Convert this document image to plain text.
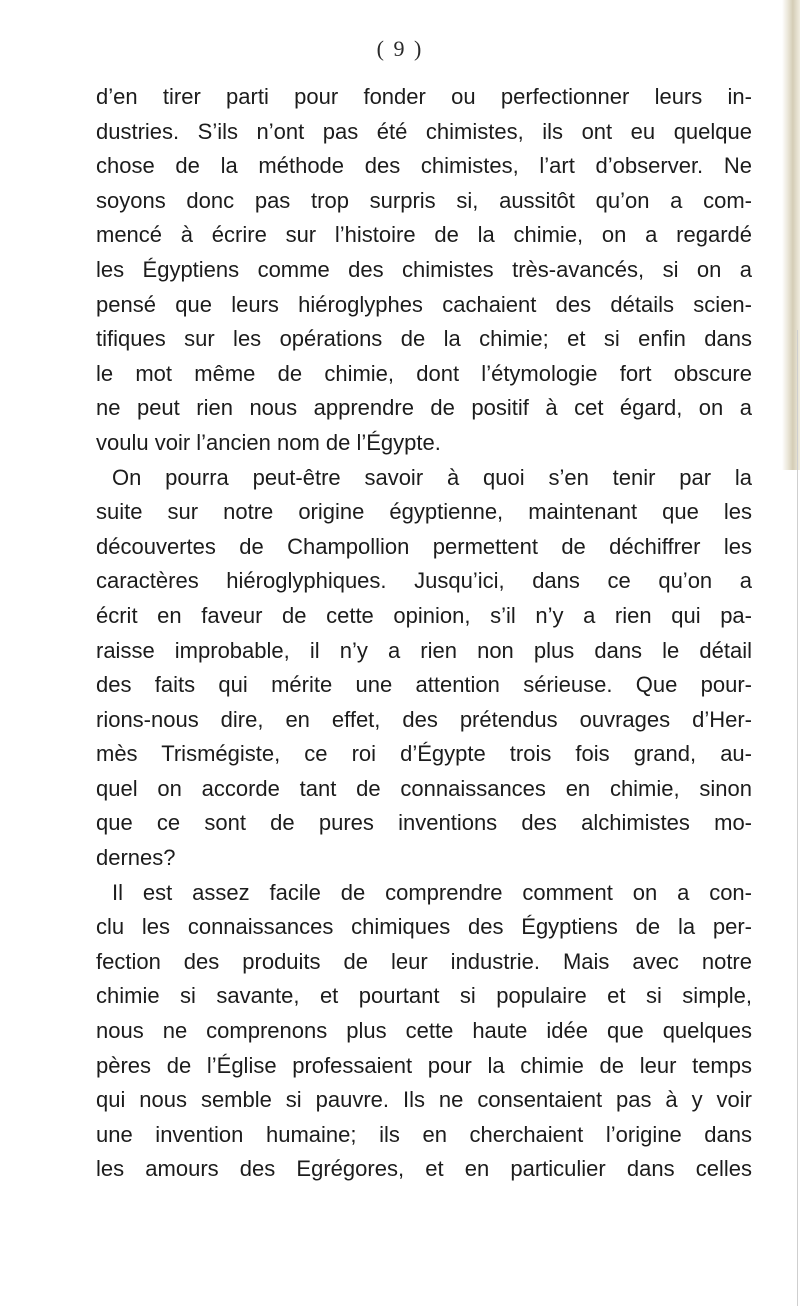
( 9 )
d’en tirer parti pour fonder ou perfectionner leurs in-
dustries. S’ils n’ont pas été chimistes, ils ont eu quelque
chose de la méthode des chimistes, l’art d’observer. Ne
soyons donc pas trop surpris si, aussitôt qu’on a com-
mencé à écrire sur l’histoire de la chimie, on a regardé
les Égyptiens comme des chimistes très-avancés, si on a
pensé que leurs hiéroglyphes cachaient des détails scien-
tifiques sur les opérations de la chimie; et si enfin dans
le mot même de chimie, dont l’étymologie fort obscure
ne peut rien nous apprendre de positif à cet égard, on a
voulu voir l’ancien nom de l’Égypte.
On pourra peut-être savoir à quoi s’en tenir par la
suite sur notre origine égyptienne, maintenant que les
découvertes de Champollion permettent de déchiffrer les
caractères hiéroglyphiques. Jusqu’ici, dans ce qu’on a
écrit en faveur de cette opinion, s’il n’y a rien qui pa-
raisse improbable, il n’y a rien non plus dans le détail
des faits qui mérite une attention sérieuse. Que pour-
rions-nous dire, en effet, des prétendus ouvrages d’Her-
mès Trismégiste, ce roi d’Égypte trois fois grand, au-
quel on accorde tant de connaissances en chimie, sinon
que ce sont de pures inventions des alchimistes mo-
dernes?
Il est assez facile de comprendre comment on a con-
clu les connaissances chimiques des Égyptiens de la per-
fection des produits de leur industrie. Mais avec notre
chimie si savante, et pourtant si populaire et si simple,
nous ne comprenons plus cette haute idée que quelques
pères de l’Église professaient pour la chimie de leur temps
qui nous semble si pauvre. Ils ne consentaient pas à y voir
une invention humaine; ils en cherchaient l’origine dans
les amours des Egrégores, et en particulier dans celles
